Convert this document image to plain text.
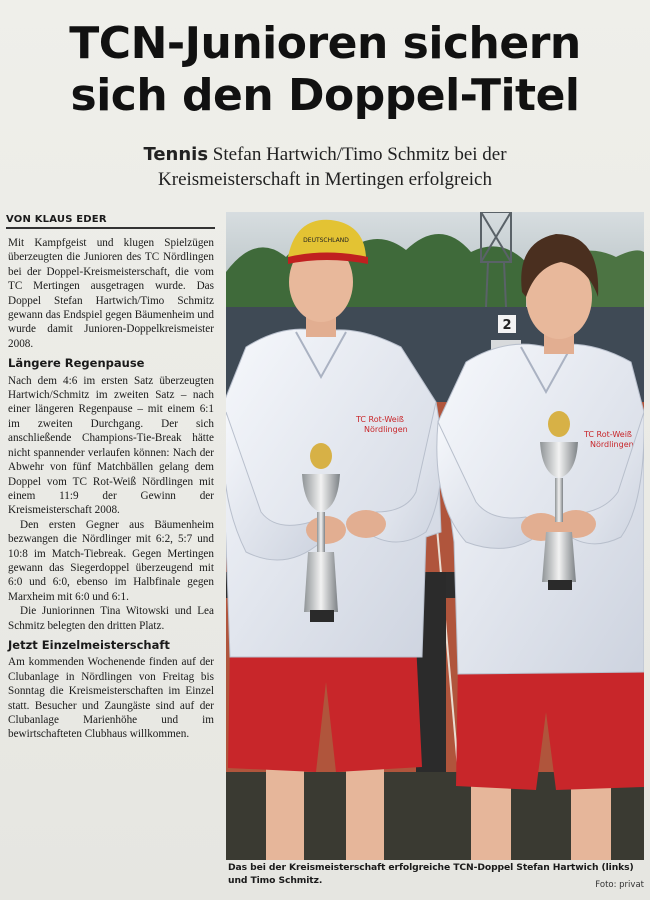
TCN-Junioren sichern
sich den Doppel-Titel
Tennis Stefan Hartwich/Timo Schmitz bei der
Kreismeisterschaft in Mertingen erfolgreich
VON KLAUS EDER

Mit Kampfgeist und klugen Spielzügen überzeugten die Junioren des TC Nördlingen bei der Doppel-Kreismeisterschaft, die vom TC Mertingen ausgetragen wurde. Das Doppel Stefan Hartwich/Timo Schmitz gewann das Endspiel gegen Bäumenheim und wurde damit Junioren-Doppelkreismeister 2008.

Längere Regenpause

Nach dem 4:6 im ersten Satz überzeugten Hartwich/Schmitz im zweiten Satz – nach einer längeren Regenpause – mit einem 6:1 im zweiten Durchgang. Der sich anschließende Champions-Tie-Break hätte nicht spannender verlaufen können: Nach der Abwehr von fünf Matchbällen gelang dem Doppel vom TC Rot-Weiß Nördlingen mit einem 11:9 der Gewinn der Kreismeisterschaft 2008.

Den ersten Gegner aus Bäumenheim bezwangen die Nördlinger mit 6:2, 5:7 und 10:8 im Match-Tiebreak. Gegen Mertingen gewann das Siegerdoppel überzeugend mit 6:0 und 6:0, ebenso im Halbfinale gegen Marxheim mit 6:0 und 6:1.

Die Juniorinnen Tina Witowski und Lea Schmitz belegten den dritten Platz.

Jetzt Einzelmeisterschaft

Am kommenden Wochenende finden auf der Clubanlage in Nördlingen von Freitag bis Sonntag die Kreismeisterschaften im Einzel statt. Besucher und Zaungäste sind auf der Clubanlage Marienhöhe und im bewirtschafteten Clubhaus willkommen.

2
TC Rot-Weiß Nördlingen
DEUTSCHLAND
TC Rot-Weiß Nördlingen
Das bei der Kreismeisterschaft erfolgreiche TCN-Doppel Stefan Hartwich (links) und Timo Schmitz.	Foto: privat
